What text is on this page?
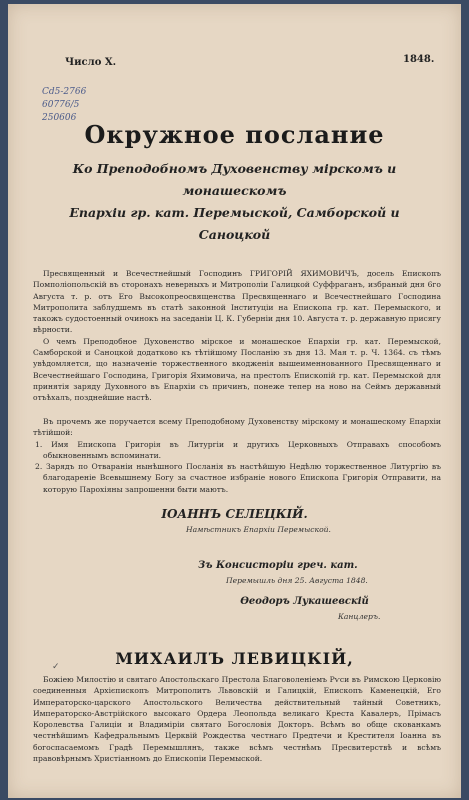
Число X.	1848.
Cd5-2766
60776/5
250606
Окружное послание
Ко Преподобномъ Духовенству мірскомъ и монашескомъ
Епархіи гр. кат. Перемыской, Самборской и Саноцкой

Пресвященный и Всечестнейшый Господинъ ГРИГОРІЙ ЯХИМОВИЧЪ, досель Епископъ Помполіопольскій въ сторонахъ неверныхъ и Митрополіи Галицкой Суффраганъ, избраный дня 6го Августа т. р. отъ Его Высокопреосвященства Пресвященнаго и Всечестнейшаго Господина Митрополита заблудшемъ въ статѣ законной Інституціи на Епископа гр. кат. Перемыского, и такожъ судостоенный очинокъ на заседаніи Ц. К. Губерніи дня 10. Августа т. р. державную присягу вѣрности.

О чемъ Преподобное Духовенство мірское и монашеское Епархіи гр. кат. Перемыской, Самборской и Саноцкой додатково къ тѣтійшому Посланію зъ дня 13. Мая т. р. Ч. 1364. съ тѣмъ увѣдомляется, що назначеніе торжественного вкодженія вышеименнованного Пресвященнаго и Всечестнейшаго Господина, Григорія Яхимовича, на престолъ Епископій гр. кат. Перемыской для принятія заряду Духовного въ Епархіи съ причинъ, понеже тепер на ново на Сеймъ державный отъѣхалъ, позднейшие настѣ.

Въ прочемъ же поручается всему Преподобному Духовенству мірскому и монашескому Епархіи тѣтійшой:

1. Имя Епископа Григорія въ Литургіи и другихъ Церковныхъ Отправахъ способомъ обыкновеннымъ вспоминати.

2. Зарядъ по Отвараніи нынѣшного Посланія въ настѣйшую Недѣлю торжественное Литургію въ благодареніе Всевышнему Богу за счастное избраніе нового Епископа Григорія Отправити, на которую Парохіяны запрошенни быти маютъ.

ІОАННЪ СЕЛЕЦКІЙ.
Намѣстникъ Епархіи Перемыской.
Зъ Консисторіи греч. кат.
Перемышль дня 25. Августа 1848.
Ѳеодоръ Лукашевскій
Канцлеръ.
МИХАИЛЪ ЛЕВИЦКІЙ,
✓

Божіею Милостію и святаго Апостольскаго Престола Благоволеніемъ Рѵси въ Римскою Церковію соединенныя Архієпископъ Митрополитъ Львовскій и Галицкій, Епископъ Каменецкій, Его Императорско-царского Апостольского Величества действительный тайный Советникъ, Императорско-Австрійского высокаго Ордера Леопольда великаго Креста Кавалеръ, Прімасъ Королевства Галиціи и Владиміріи святаго Богословія Докторъ. Всѣмъ во обще скованкамъ честнѣйшимъ Кафедральнымъ Церквій Рождества честнаго Предтечи и Крестителя Іоанна въ богоспасаемомъ Градѣ Перемышлянъ, также всѣмъ честнѣмъ Пресвитерствѣ и всѣмъ правовѣрнымъ Христіанномъ до Епископіи Перемыской.
